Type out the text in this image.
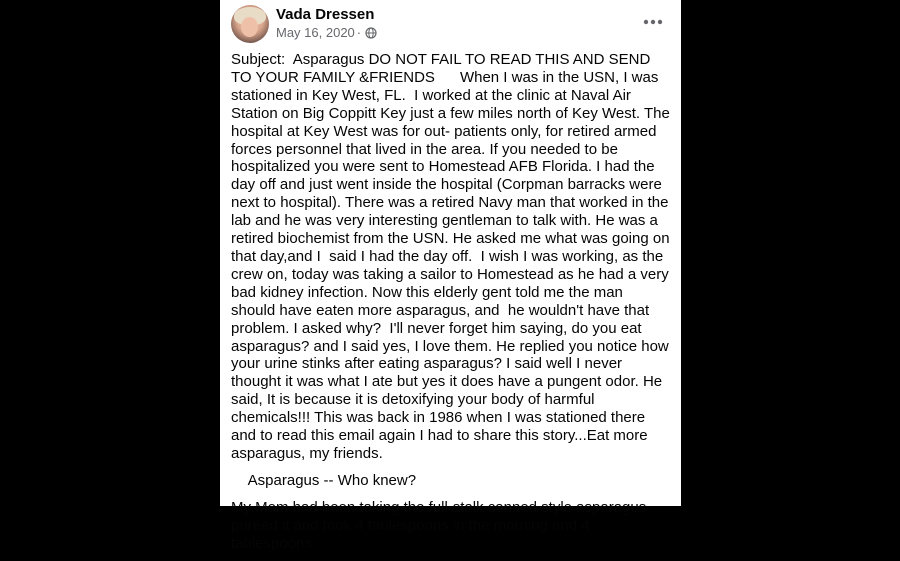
Vada Dressen
May 16, 2020 ·

Subject:  Asparagus DO NOT FAIL TO READ THIS AND SEND TO YOUR FAMILY &FRIENDS      When I was in the USN, I was stationed in Key West, FL.  I worked at the clinic at Naval Air Station on Big Coppitt Key just a few miles north of Key West. The hospital at Key West was for out- patients only, for retired armed forces personnel that lived in the area. If you needed to be hospitalized you were sent to Homestead AFB Florida. I had the day off and just went inside the hospital (Corpman barracks were next to hospital). There was a retired Navy man that worked in the lab and he was very interesting gentleman to talk with. He was a retired biochemist from the USN. He asked me what was going on that day,and I  said I had the day off.  I wish I was working, as the crew on, today was taking a sailor to Homestead as he had a very bad kidney infection. Now this elderly gent told me the man should have eaten more asparagus, and  he wouldn't have that problem. I asked why?  I'll never forget him saying, do you eat asparagus? and I said yes, I love them. He replied you notice how your urine stinks after eating asparagus? I said well I never thought it was what I ate but yes it does have a pungent odor. He said, It is because it is detoxifying your body of harmful chemicals!!! This was back in 1986 when I was stationed there and to read this email again I had to share this story...Eat more asparagus, my friends.

Asparagus -- Who knew?

My Mom had been taking the full-stalk canned style asparagus, pureed it and took 4 tablespoons in the morning and 4 tablespoons
